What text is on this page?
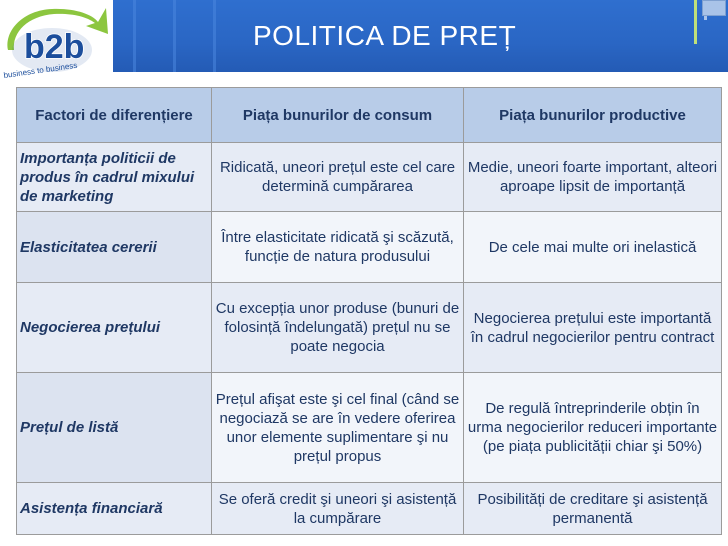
b2b
business to business
POLITICA DE PREȚ
Factori de diferențiere	Piața bunurilor de consum	Piața bunurilor productive
Importanța politicii de produs în cadrul mixului de marketing	Ridicată, uneori prețul este cel care determină cumpărarea	Medie, uneori foarte important, alteori aproape lipsit de importanță
Elasticitatea cererii	Între elasticitate ridicată şi scăzută, funcție de natura produsului	De cele mai multe ori inelastică
Negocierea prețului	Cu excepția unor produse (bunuri de folosință îndelungată) prețul nu se poate negocia	Negocierea prețului este importantă în cadrul negocierilor pentru contract
Prețul de listă	Prețul afişat este şi cel final (când se negociază se are în vedere oferirea unor elemente suplimentare şi nu prețul propus	De regulă întreprinderile obțin în urma negocierilor reduceri importante (pe piața publicității chiar şi 50%)
Asistența financiară	Se oferă credit şi uneori şi asistență la cumpărare	Posibilități de creditare şi asistență permanentă
